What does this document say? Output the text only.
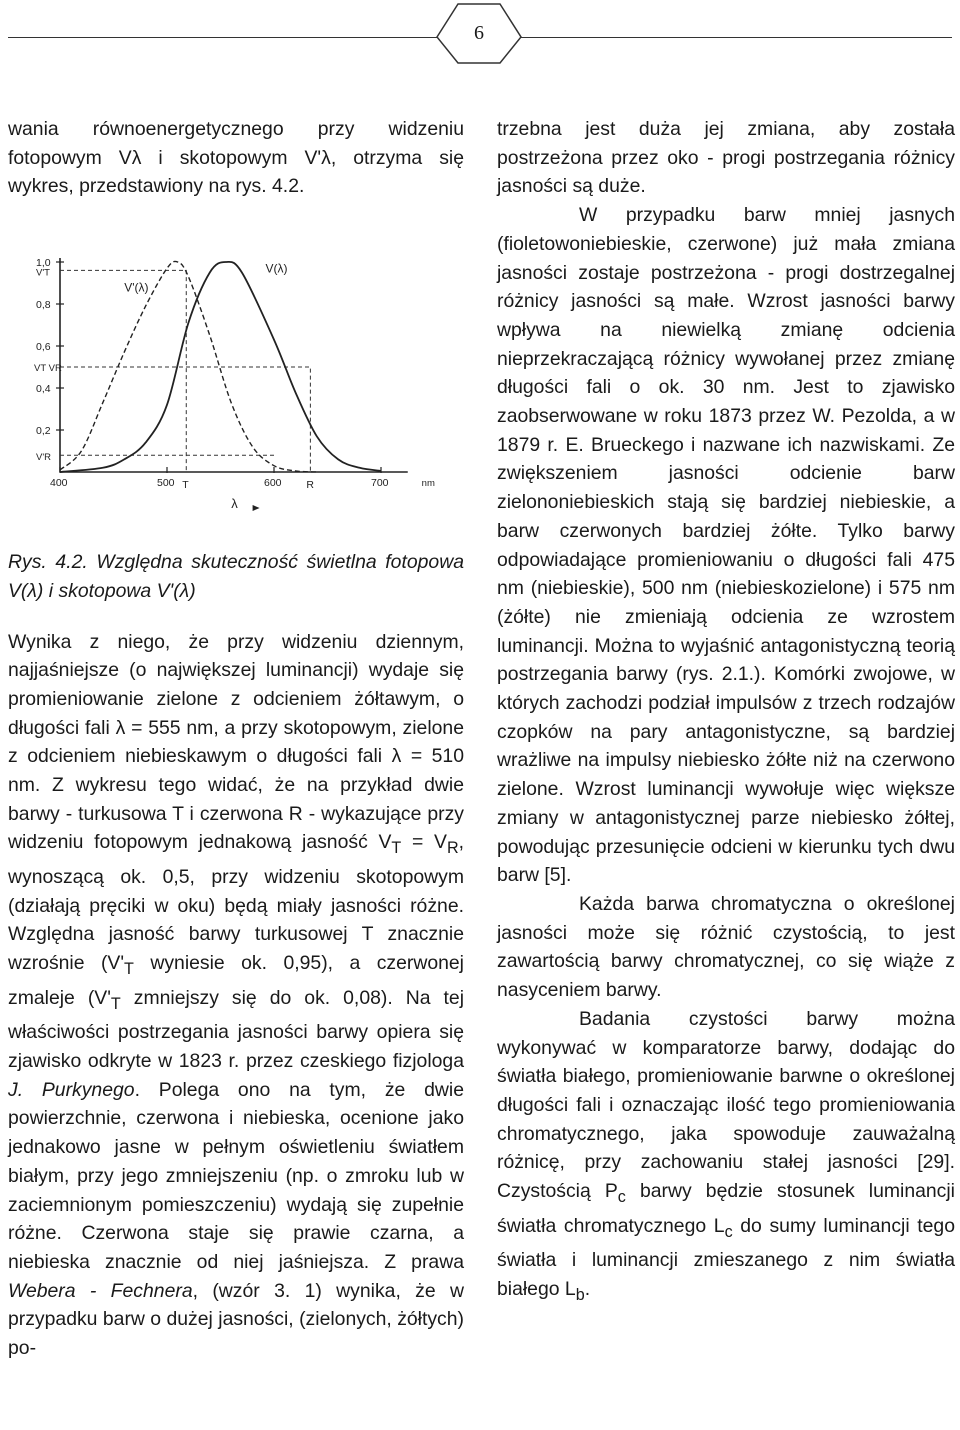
6
1,0
0,8
0,6
0,4
0,2
V'T
VT VR
V'R
400	500	600	700	nm
T	R
λ
V'(λ)
V(λ)

wania równoenergetycznego przy widzeniu fotopowym Vλ i skotopowym V'λ, otrzyma się wykres, przedstawiony na rys. 4.2.

Rys. 4.2. Względna skuteczność świetlna fotopowa V(λ) i skotopowa V'(λ)

Wynika z niego, że przy widzeniu dziennym, najjaśniejsze (o największej luminancji) wydaje się promieniowanie zielone z odcieniem żółtawym, o długości fali λ = 555 nm, a przy skotopowym, zielone z odcieniem niebieskawym o długości fali λ = 510 nm. Z wykresu tego widać, że na przykład dwie barwy - turkusowa T i czerwona R - wykazujące przy widzeniu fotopowym jednakową jasność $V_T = V_R$, wynoszącą ok. 0,5, przy widzeniu skotopowym (działają pręciki w oku) będą miały jasności różne. Względna jasność barwy turkusowej T znacznie wzrośnie ($V'_T$ wyniesie ok. 0,95), a czerwonej zmaleje ($V'_T$ zmniejszy się do ok. 0,08). Na tej właściwości postrzegania jasności barwy opiera się zjawisko odkryte w 1823 r. przez czeskiego fizjologa J. Purkynego. Polega ono na tym, że dwie powierzchnie, czerwona i niebieska, ocenione jako jednakowo jasne w pełnym oświetleniu światłem białym, przy jego zmniejszeniu (np. o zmroku lub w zaciemnionym pomieszczeniu) wydają się zupełnie różne. Czerwona staje się prawie czarna, a niebieska znacznie od niej jaśniejsza. Z prawa Webera - Fechnera, (wzór 3. 1) wynika, że w przypadku barw o dużej jasności, (zielonych, żółtych) po-

trzebna jest duża jej zmiana, aby została postrzeżona przez oko - progi postrzegania różnicy jasności są duże.

W przypadku barw mniej jasnych (fioletowoniebieskie, czerwone) już mała zmiana jasności zostaje postrzeżona - progi dostrzegalnej różnicy jasności są małe. Wzrost jasności barwy wpływa na niewielką zmianę odcienia nieprzekraczającą różnicy wywołanej przez zmianę długości fali o ok. 30 nm. Jest to zjawisko zaobserwowane w roku 1873 przez W. Pezolda, a w 1879 r. E. Brueckego i nazwane ich nazwiskami. Ze zwiększeniem jasności odcienie barw zielononiebieskich stają się bardziej niebieskie, a barw czerwonych bardziej żółte. Tylko barwy odpowiadające promieniowaniu o długości fali 475 nm (niebieskie), 500 nm (niebieskozielone) i 575 nm (żółte) nie zmieniają odcienia ze wzrostem luminancji. Można to wyjaśnić antagonistyczną teorią postrzegania barwy (rys. 2.1.). Komórki zwojowe, w których zachodzi podział impulsów z trzech rodzajów czopków na pary antagonistyczne, są bardziej wrażliwe na impulsy niebiesko żółte niż na czerwono zielone. Wzrost luminancji wywołuje więc większe zmiany w antagonistycznej parze niebiesko żółtej, powodując przesunięcie odcieni w kierunku tych dwu barw [5].

Każda barwa chromatyczna o określonej jasności może się różnić czystością, to jest zawartością barwy chromatycznej, co się wiąże z nasyceniem barwy.

Badania czystości barwy można wykonywać w komparatorze barwy, dodając do światła białego, promieniowanie barwne o określonej długości fali i oznaczając ilość tego promieniowania chromatycznego, jaka spowoduje zauważalną różnicę, przy zachowaniu stałej jasności [29]. Czystością $P_c$ barwy będzie stosunek luminancji światła chromatycznego $L_c$ do sumy luminancji tego światła i luminancji zmieszanego z nim światła białego $L_b$.
